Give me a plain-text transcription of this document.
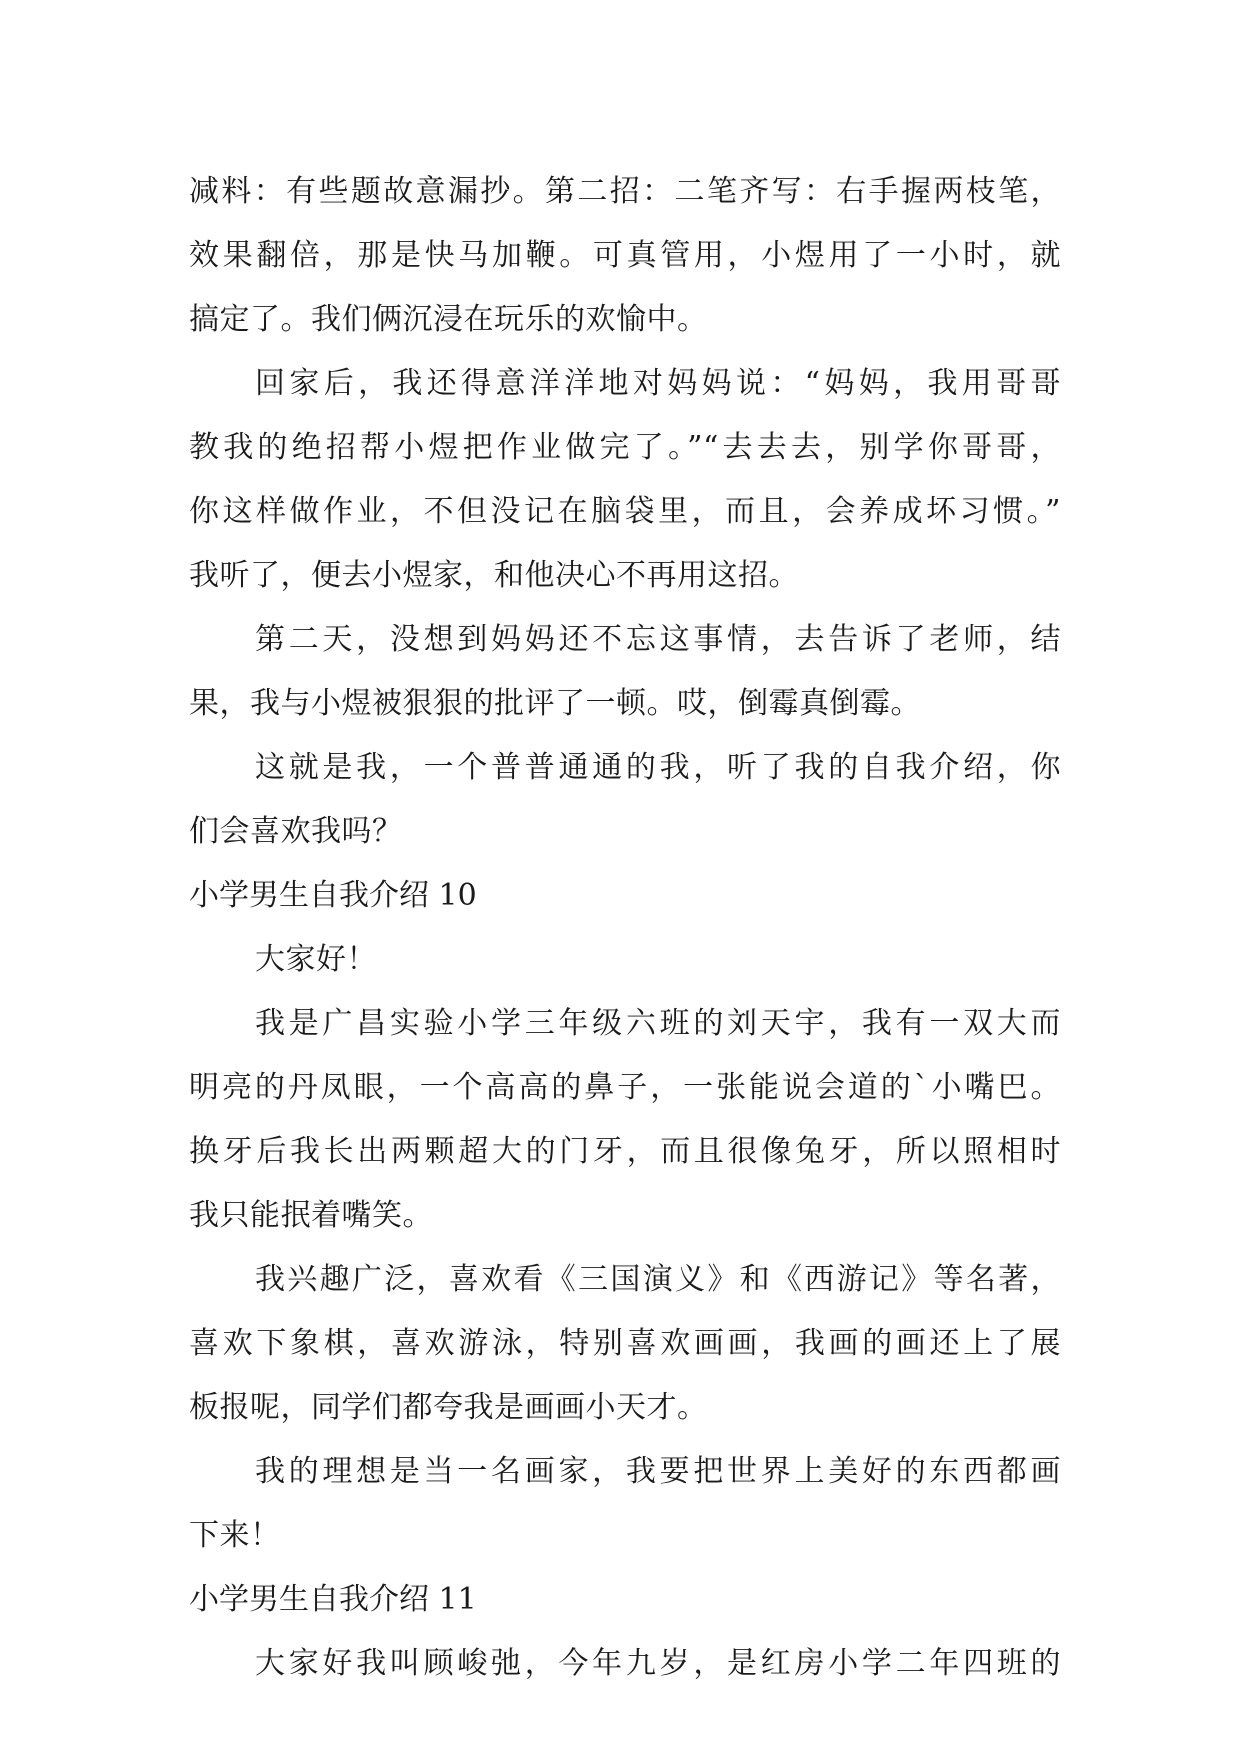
减料：有些题故意漏抄。第二招：二笔齐写：右手握两枝笔，
效果翻倍，那是快马加鞭。可真管用，小煜用了一小时，就
搞定了。我们俩沉浸在玩乐的欢愉中。
回家后，我还得意洋洋地对妈妈说：“妈妈，我用哥哥
教我的绝招帮小煜把作业做完了。”“去去去，别学你哥哥，
你这样做作业，不但没记在脑袋里，而且，会养成坏习惯。”
我听了，便去小煜家，和他决心不再用这招。
第二天，没想到妈妈还不忘这事情，去告诉了老师，结
果，我与小煜被狠狠的批评了一顿。哎，倒霉真倒霉。
这就是我，一个普普通通的我，听了我的自我介绍，你
们会喜欢我吗？
小学男生自我介绍 10
大家好！
我是广昌实验小学三年级六班的刘天宇，我有一双大而
明亮的丹凤眼，一个高高的鼻子，一张能说会道的`小嘴巴。
换牙后我长出两颗超大的门牙，而且很像兔牙，所以照相时
我只能抿着嘴笑。
我兴趣广泛，喜欢看《三国演义》和《西游记》等名著，
喜欢下象棋，喜欢游泳，特别喜欢画画，我画的画还上了展
板报呢，同学们都夸我是画画小天才。
我的理想是当一名画家，我要把世界上美好的东西都画
下来！
小学男生自我介绍 11
大家好我叫顾峻弛，今年九岁，是红房小学二年四班的
